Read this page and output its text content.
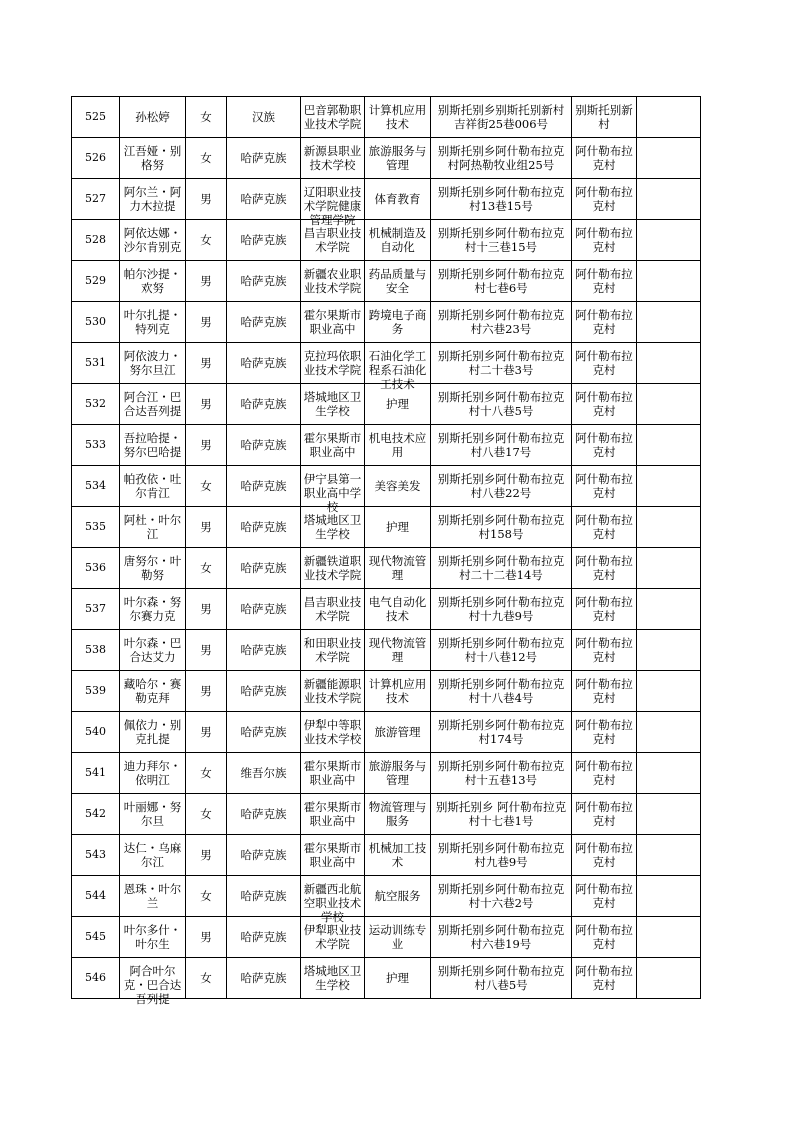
525	孙松婷	女	汉族	巴音郭勒职业技术学院	计算机应用技术	别斯托别乡别斯托别新村吉祥街25巷006号	别斯托别新村	

526	江吾娅・别格努	女	哈萨克族	新源县职业技术学校	旅游服务与管理	别斯托别乡阿什勒布拉克村阿热勒牧业组25号	阿什勒布拉克村	

527	阿尔兰・阿力木拉提	男	哈萨克族	辽阳职业技术学院健康管理学院	体育教育	别斯托别乡阿什勒布拉克村13巷15号	阿什勒布拉克村	

528	阿依达娜・沙尔肯别克	女	哈萨克族	昌吉职业技术学院	机械制造及自动化	别斯托别乡阿什勒布拉克村十三巷15号	阿什勒布拉克村	

529	帕尔沙提・欢努	男	哈萨克族	新疆农业职业技术学院	药品质量与安全	别斯托别乡阿什勒布拉克村七巷6号	阿什勒布拉克村	

530	叶尔扎提・特列克	男	哈萨克族	霍尔果斯市职业高中	跨境电子商务	别斯托别乡阿什勒布拉克村六巷23号	阿什勒布拉克村	

531	阿依波力・努尔旦江	男	哈萨克族	克拉玛依职业技术学院	石油化学工程系石油化工技术	别斯托别乡阿什勒布拉克村二十巷3号	阿什勒布拉克村	

532	阿合江・巴合达吾列提	男	哈萨克族	塔城地区卫生学校	护理	别斯托别乡阿什勒布拉克村十八巷5号	阿什勒布拉克村	

533	吾拉哈提・努尔巴哈提	男	哈萨克族	霍尔果斯市职业高中	机电技术应用	别斯托别乡阿什勒布拉克村八巷17号	阿什勒布拉克村	

534	帕孜依・吐尔肯江	女	哈萨克族	伊宁县第一职业高中学校	美容美发	别斯托别乡阿什勒布拉克村八巷22号	阿什勒布拉克村	

535	阿杜・叶尔江	男	哈萨克族	塔城地区卫生学校	护理	别斯托别乡阿什勒布拉克村158号	阿什勒布拉克村	

536	唐努尔・叶勒努	女	哈萨克族	新疆铁道职业技术学院	现代物流管理	别斯托别乡阿什勒布拉克村二十二巷14号	阿什勒布拉克村	

537	叶尔森・努尔赛力克	男	哈萨克族	昌吉职业技术学院	电气自动化技术	别斯托别乡阿什勒布拉克村十九巷9号	阿什勒布拉克村	

538	叶尔森・巴合达艾力	男	哈萨克族	和田职业技术学院	现代物流管理	别斯托别乡阿什勒布拉克村十八巷12号	阿什勒布拉克村	

539	藏哈尔・赛勒克拜	男	哈萨克族	新疆能源职业技术学院	计算机应用技术	别斯托别乡阿什勒布拉克村十八巷4号	阿什勒布拉克村	

540	佩依力・别克扎提	男	哈萨克族	伊犁中等职业技术学校	旅游管理	别斯托别乡阿什勒布拉克村174号	阿什勒布拉克村	

541	迪力拜尔・依明江	女	维吾尔族	霍尔果斯市职业高中	旅游服务与管理	别斯托别乡阿什勒布拉克村十五巷13号	阿什勒布拉克村	

542	叶丽娜・努尔旦	女	哈萨克族	霍尔果斯市职业高中	物流管理与服务	别斯托别乡 阿什勒布拉克村十七巷1号	阿什勒布拉克村	

543	达仁・乌麻尔江	男	哈萨克族	霍尔果斯市职业高中	机械加工技术	别斯托别乡阿什勒布拉克村九巷9号	阿什勒布拉克村	

544	恩珠・叶尔兰	女	哈萨克族	新疆西北航空职业技术学校	航空服务	别斯托别乡阿什勒布拉克村十六巷2号	阿什勒布拉克村	

545	叶尔多什・叶尔生	男	哈萨克族	伊犁职业技术学院	运动训练专业	别斯托别乡阿什勒布拉克村六巷19号	阿什勒布拉克村	

546	阿合叶尔克・巴合达吾列提	女	哈萨克族	塔城地区卫生学校	护理	别斯托别乡阿什勒布拉克村八巷5号	阿什勒布拉克村	
